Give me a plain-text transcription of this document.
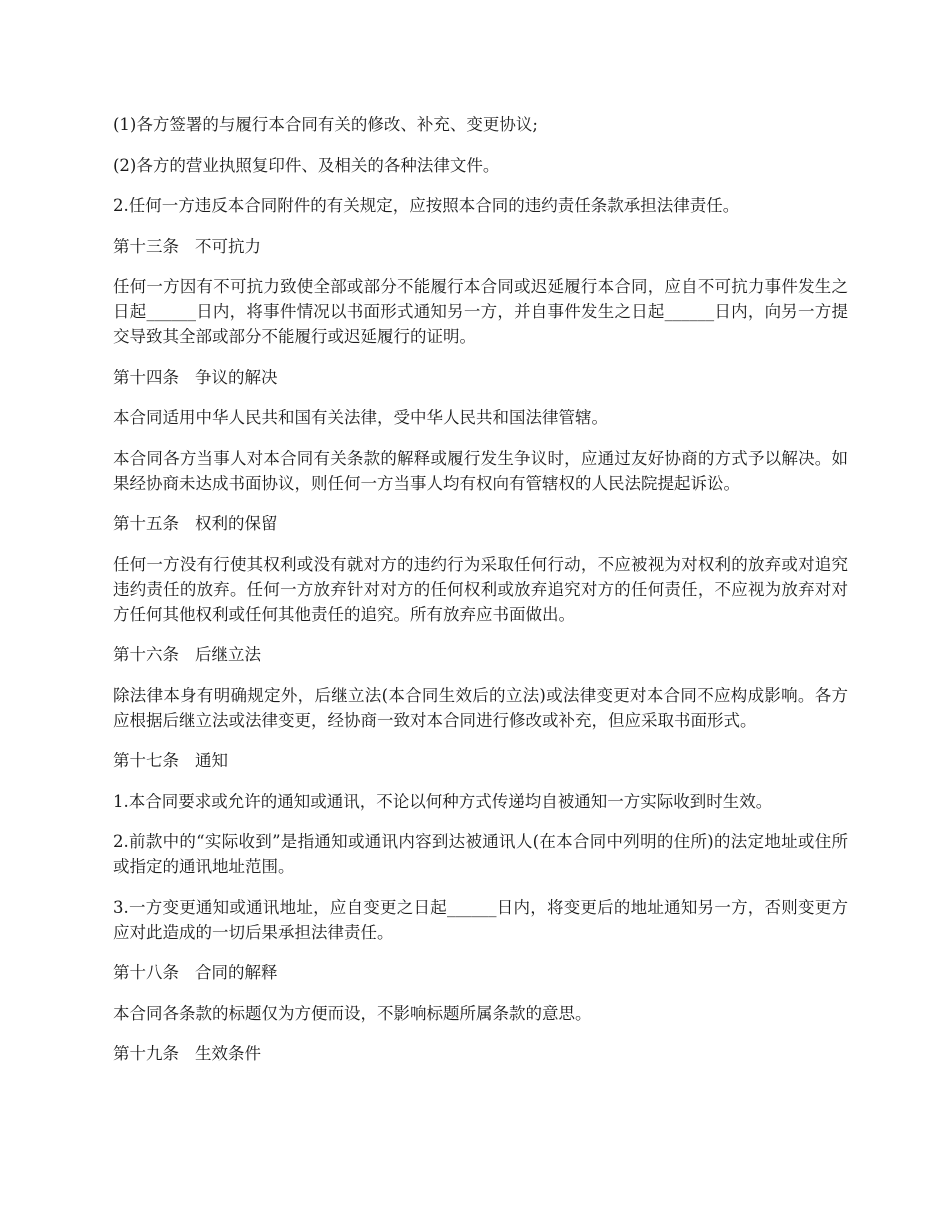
(1)各方签署的与履行本合同有关的修改、补充、变更协议;

(2)各方的营业执照复印件、及相关的各种法律文件。

2.任何一方违反本合同附件的有关规定，应按照本合同的违约责任条款承担法律责任。

第十三条 不可抗力

任何一方因有不可抗力致使全部或部分不能履行本合同或迟延履行本合同，应自不可抗力事件发生之日起______日内，将事件情况以书面形式通知另一方，并自事件发生之日起______日内，向另一方提交导致其全部或部分不能履行或迟延履行的证明。

第十四条 争议的解决

本合同适用中华人民共和国有关法律，受中华人民共和国法律管辖。

本合同各方当事人对本合同有关条款的解释或履行发生争议时，应通过友好协商的方式予以解决。如果经协商未达成书面协议，则任何一方当事人均有权向有管辖权的人民法院提起诉讼。

第十五条 权利的保留

任何一方没有行使其权利或没有就对方的违约行为采取任何行动，不应被视为对权利的放弃或对追究违约责任的放弃。任何一方放弃针对对方的任何权利或放弃追究对方的任何责任，不应视为放弃对对方任何其他权利或任何其他责任的追究。所有放弃应书面做出。

第十六条 后继立法

除法律本身有明确规定外，后继立法(本合同生效后的立法)或法律变更对本合同不应构成影响。各方应根据后继立法或法律变更，经协商一致对本合同进行修改或补充，但应采取书面形式。

第十七条 通知

1.本合同要求或允许的通知或通讯，不论以何种方式传递均自被通知一方实际收到时生效。

2.前款中的“实际收到”是指通知或通讯内容到达被通讯人(在本合同中列明的住所)的法定地址或住所或指定的通讯地址范围。

3.一方变更通知或通讯地址，应自变更之日起______日内，将变更后的地址通知另一方，否则变更方应对此造成的一切后果承担法律责任。

第十八条 合同的解释

本合同各条款的标题仅为方便而设，不影响标题所属条款的意思。

第十九条 生效条件
